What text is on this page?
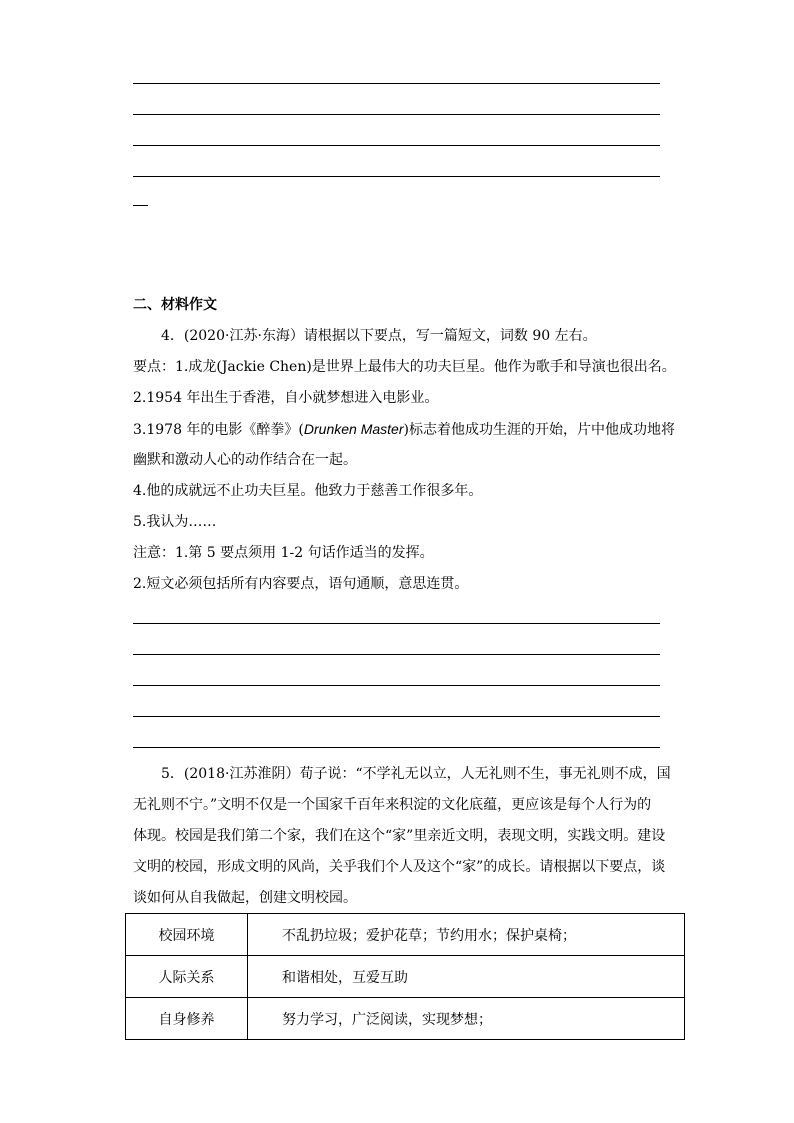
二、材料作文
4．(2020·江苏·东海）请根据以下要点，写一篇短文，词数 90 左右。
要点：1.成龙(Jackie Chen)是世界上最伟大的功夫巨星。他作为歌手和导演也很出名。
2.1954 年出生于香港，自小就梦想进入电影业。
3.1978 年的电影《醉拳》(Drunken Master)标志着他成功生涯的开始，片中他成功地将
幽默和激动人心的动作结合在一起。
4.他的成就远不止功夫巨星。他致力于慈善工作很多年。
5.我认为……
注意：1.第 5 要点须用 1-2 句话作适当的发挥。
2.短文必须包括所有内容要点，语句通顺，意思连贯。
5．(2018·江苏淮阴）荀子说：“不学礼无以立，人无礼则不生，事无礼则不成，国
无礼则不宁。”文明不仅是一个国家千百年来积淀的文化底蕴，更应该是每个人行为的
体现。校园是我们第二个家，我们在这个“家”里亲近文明，表现文明，实践文明。建设
文明的校园，形成文明的风尚，关乎我们个人及这个“家”的成长。请根据以下要点，谈
谈如何从自我做起，创建文明校园。
校园环境	不乱扔垃圾；爱护花草；节约用水；保护桌椅；
人际关系	和谐相处，互爱互助
自身修养	努力学习，广泛阅读，实现梦想；
